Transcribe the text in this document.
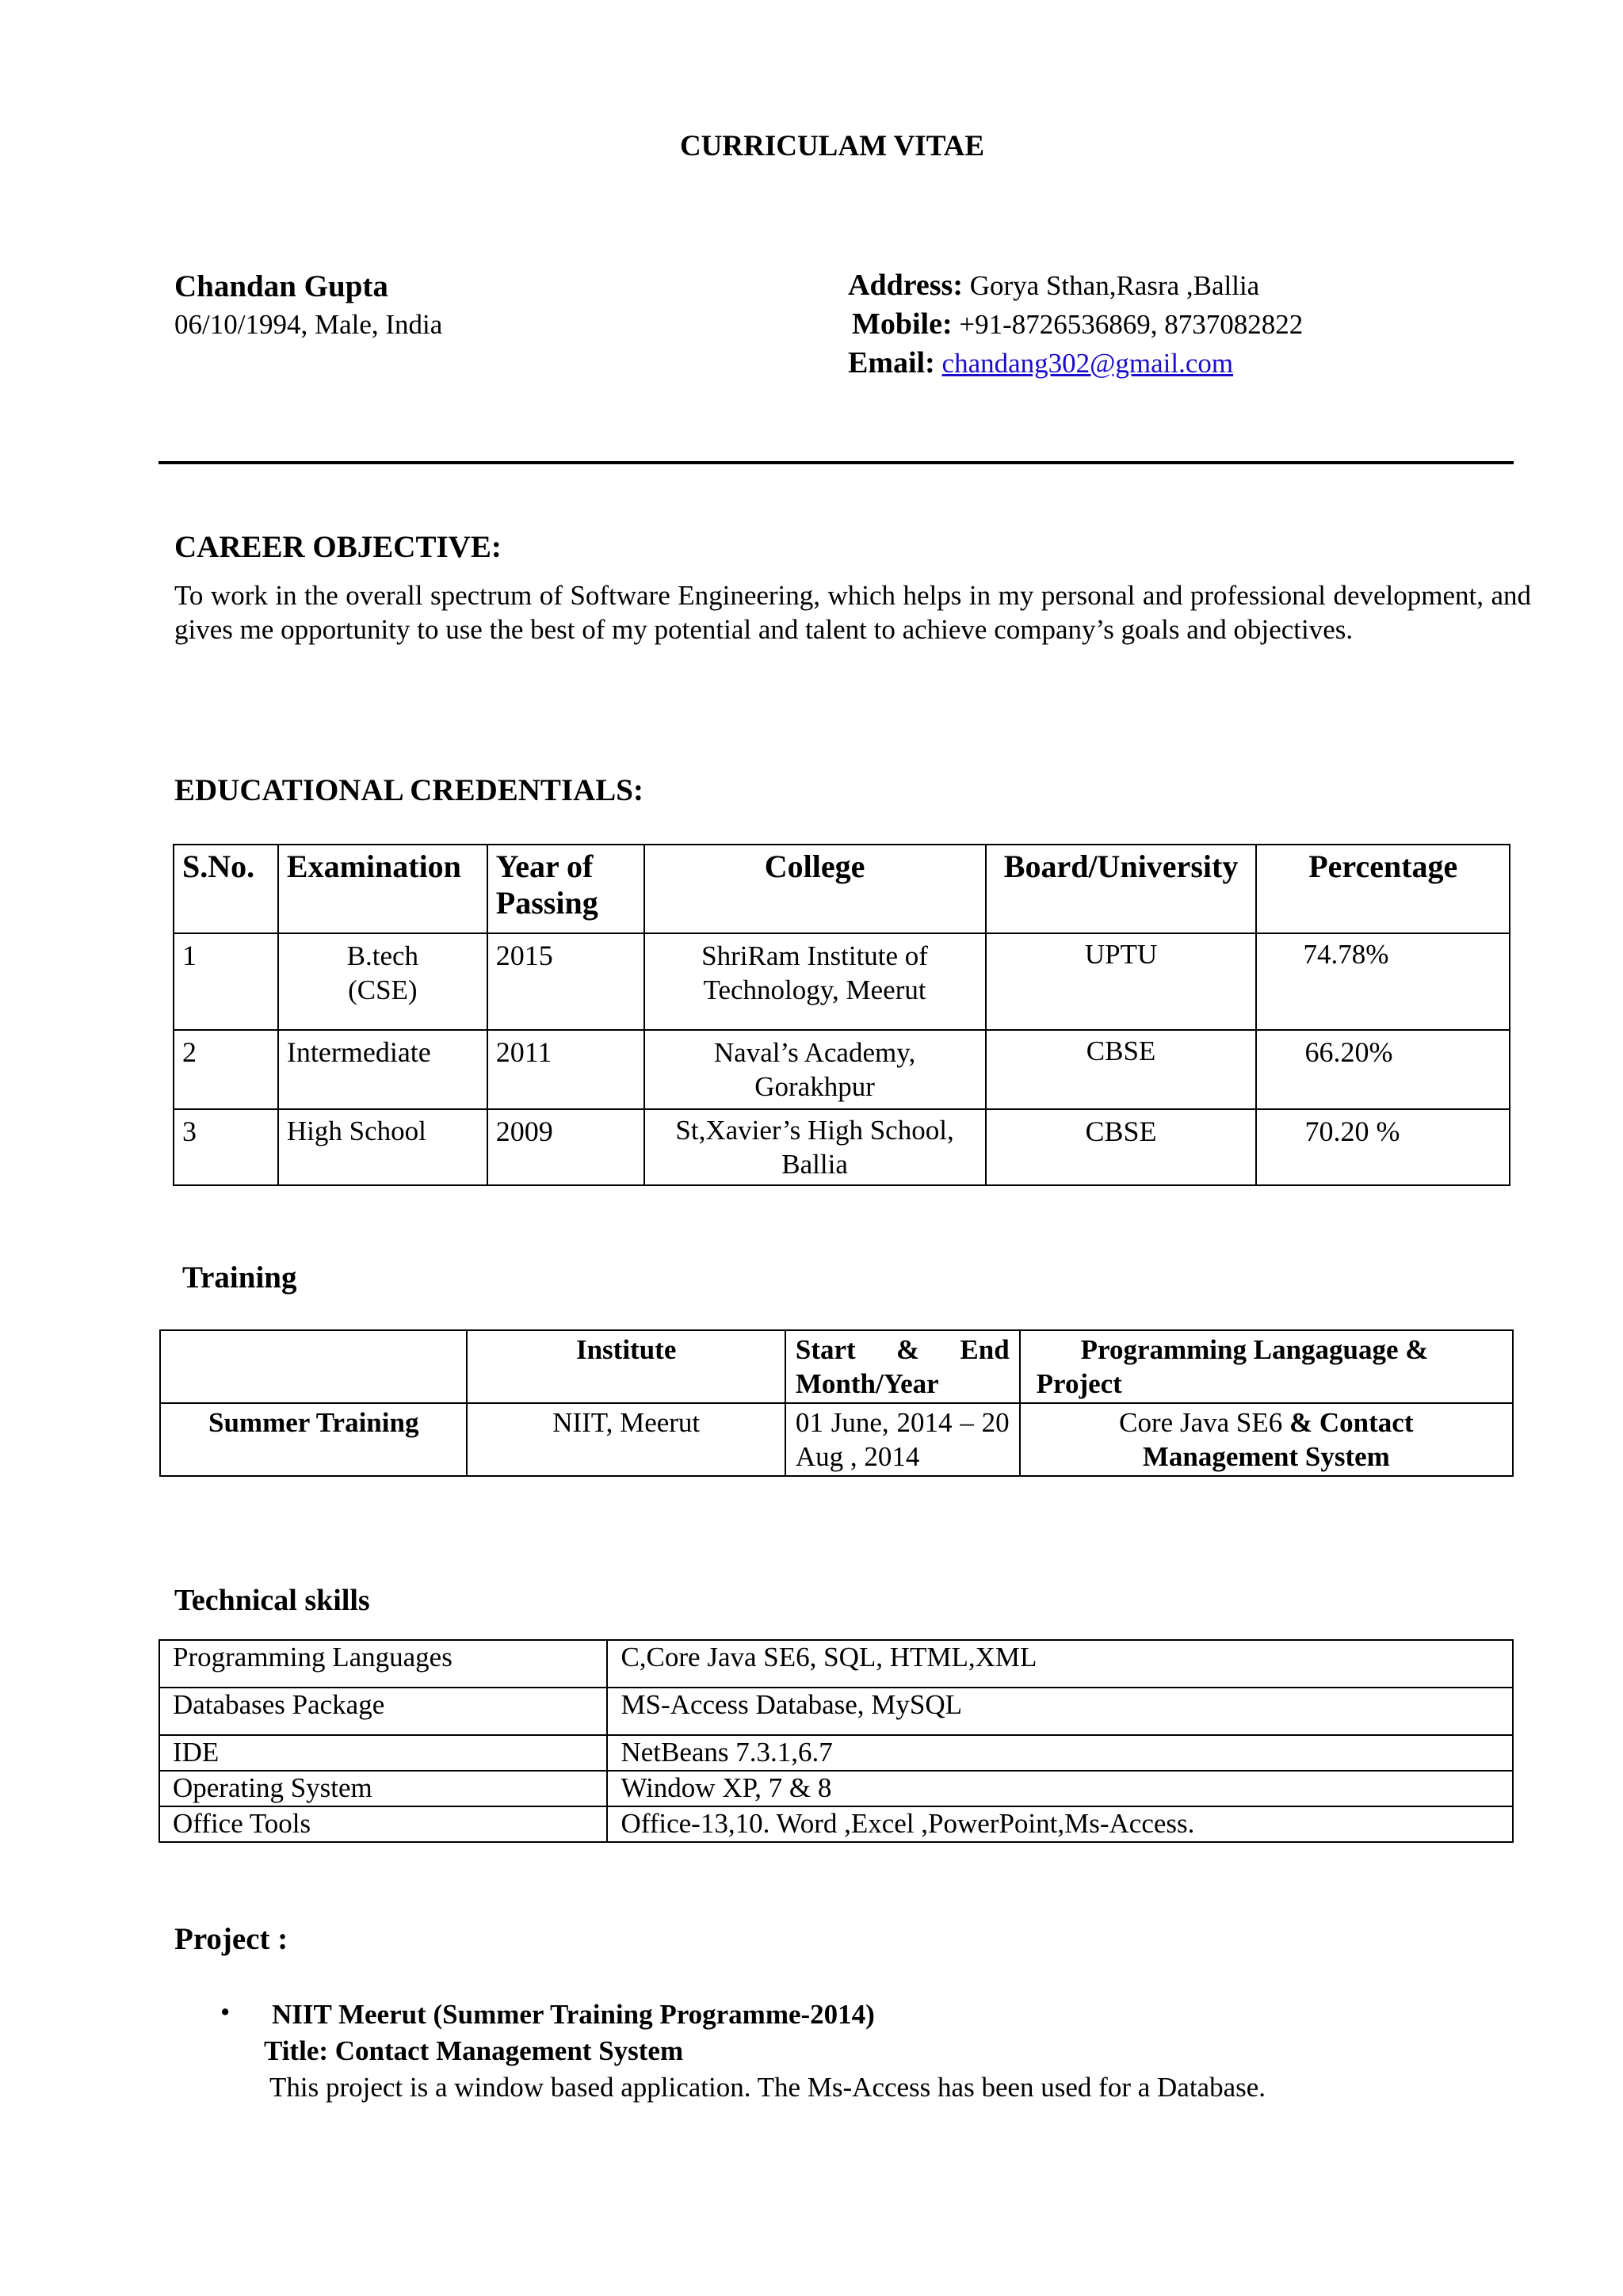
CURRICULAM VITAE
Chandan Gupta
06/10/1994, Male, India
Address: Gorya Sthan,Rasra ,Ballia
Mobile: +91-8726536869, 8737082822
Email: chandang302@gmail.com
CAREER OBJECTIVE:
To work in the overall spectrum of Software Engineering, which helps in my personal and professional development, and gives me opportunity to use the best of my potential and talent to achieve company’s goals and objectives.
EDUCATIONAL CREDENTIALS:
S.No.	Examination	Year of Passing	College	Board/University	Percentage
1	B.tech (CSE)	2015	ShriRam Institute of Technology, Meerut	UPTU	74.78%
2	Intermediate	2011	Naval’s Academy, Gorakhpur	CBSE	66.20%
3	High School	2009	St,Xavier’s High School, Ballia	CBSE	70.20 %
Training
	Institute	Start & End Month/Year	Programming Langaguage & Project
Summer Training	NIIT, Meerut	01 June, 2014 – 20 Aug , 2014	Core Java SE6 & Contact Management System
Technical skills
Programming Languages	C,Core Java SE6, SQL, HTML,XML
Databases Package	MS-Access Database, MySQL
IDE	NetBeans 7.3.1,6.7
Operating System	Window XP, 7 & 8
Office Tools	Office-13,10. Word ,Excel ,PowerPoint,Ms-Access.
Project :
• NIIT Meerut (Summer Training Programme-2014)
Title: Contact Management System
This project is a window based application. The Ms-Access has been used for a Database.
